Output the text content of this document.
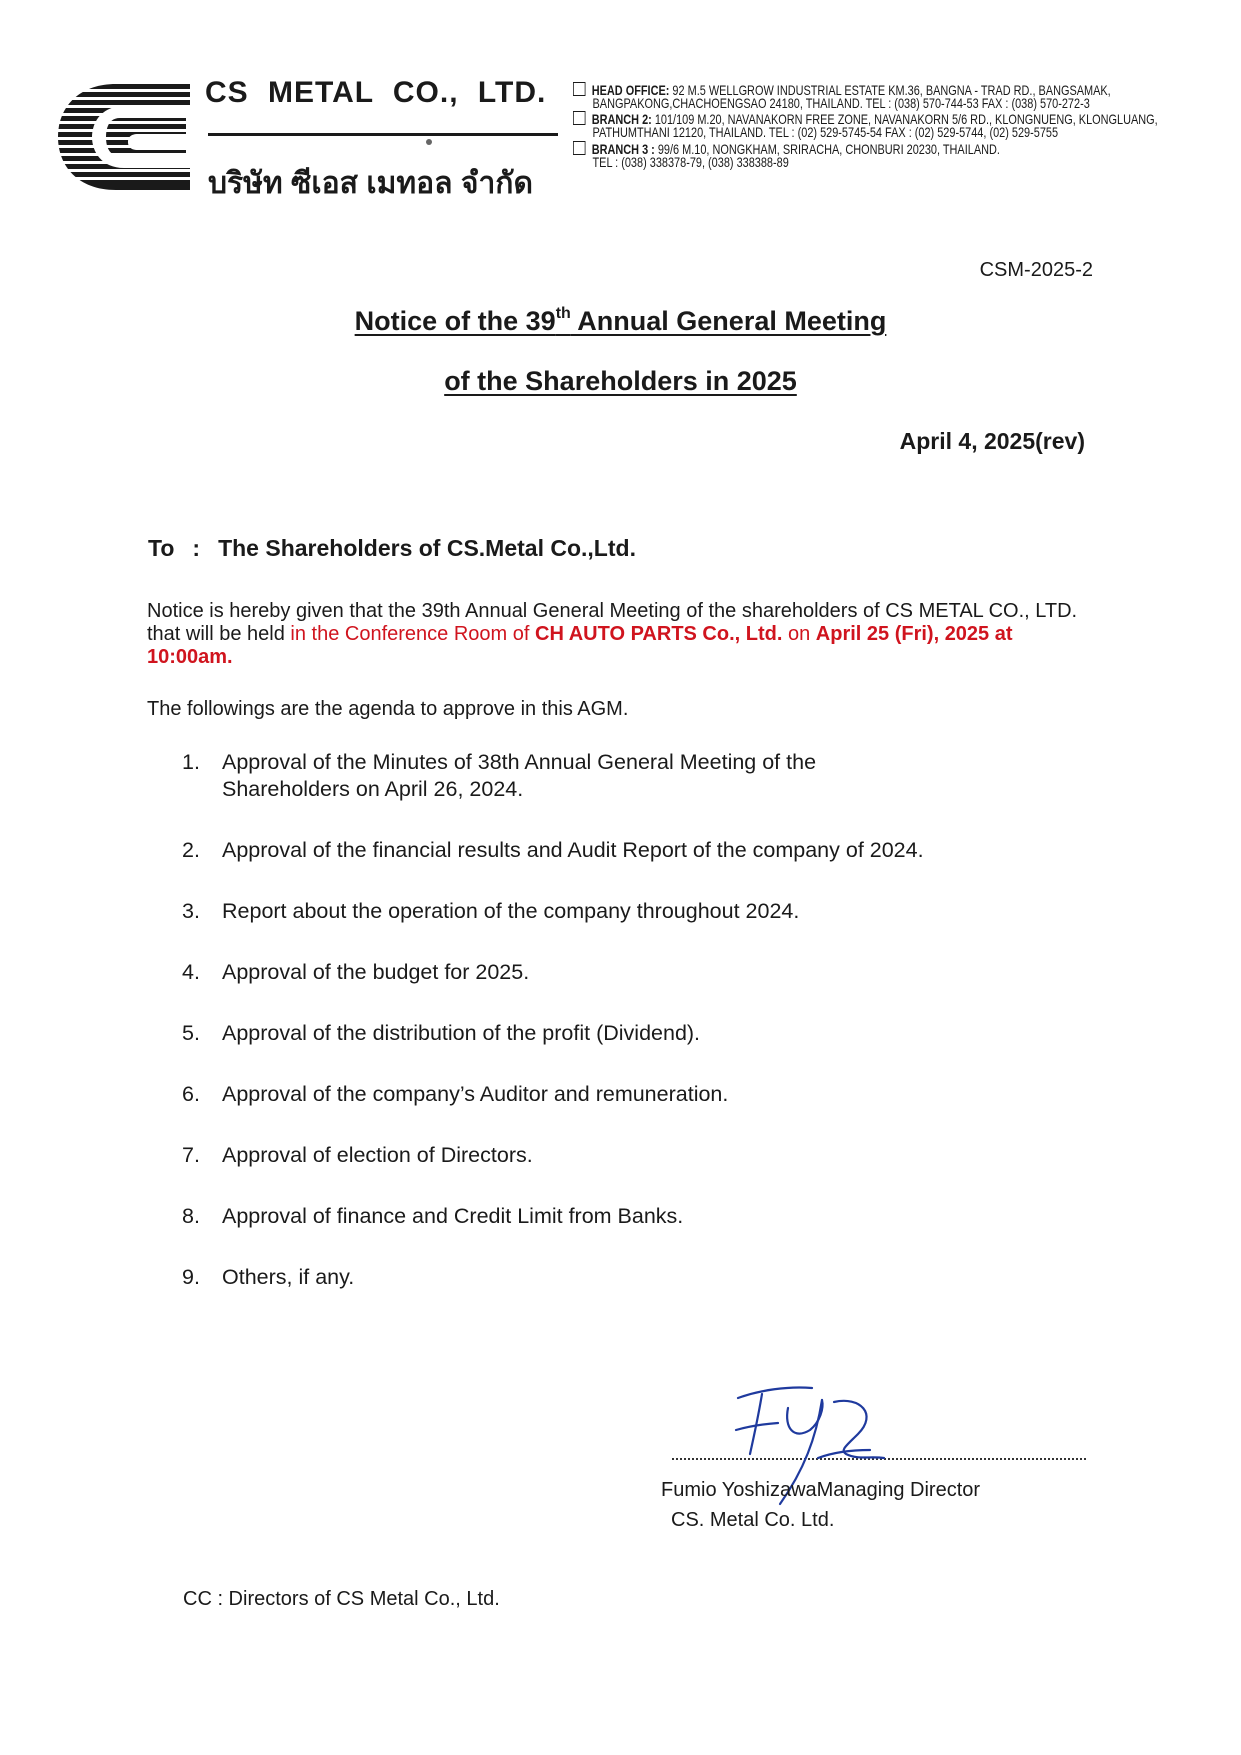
CS METAL CO., LTD.
บริษัท ซีเอส เมทอล จำกัด
HEAD OFFICE: 92 M.5 WELLGROW INDUSTRIAL ESTATE KM.36, BANGNA - TRAD RD., BANGSAMAK,
BANGPAKONG,CHACHOENGSAO 24180, THAILAND. TEL : (038) 570-744-53 FAX : (038) 570-272-3
BRANCH 2: 101/109 M.20, NAVANAKORN FREE ZONE, NAVANAKORN 5/6 RD., KLONGNUENG, KLONGLUANG,
PATHUMTHANI 12120, THAILAND. TEL : (02) 529-5745-54 FAX : (02) 529-5744, (02) 529-5755
BRANCH 3 : 99/6 M.10, NONGKHAM, SRIRACHA, CHONBURI 20230, THAILAND.
TEL : (038) 338378-79, (038) 338388-89
CSM-2025-2
Notice of the 39th Annual General Meeting
of the Shareholders in 2025
April 4, 2025(rev)
To : The Shareholders of CS.Metal Co.,Ltd.
Notice is hereby given that the 39th Annual General Meeting of the shareholders of CS METAL CO., LTD. that will be held in the Conference Room of CH AUTO PARTS Co., Ltd. on April 25 (Fri), 2025 at 10:00am.
The followings are the agenda to approve in this AGM.
1. Approval of the Minutes of 38th Annual General Meeting of the Shareholders on April 26, 2024.
2. Approval of the financial results and Audit Report of the company of 2024.
3. Report about the operation of the company throughout 2024.
4. Approval of the budget for 2025.
5. Approval of the distribution of the profit (Dividend).
6. Approval of the company’s Auditor and remuneration.
7. Approval of election of Directors.
8. Approval of finance and Credit Limit from Banks.
9. Others, if any.
Fumio YoshizawaManaging Director
CS. Metal Co. Ltd.
CC : Directors of CS Metal Co., Ltd.
